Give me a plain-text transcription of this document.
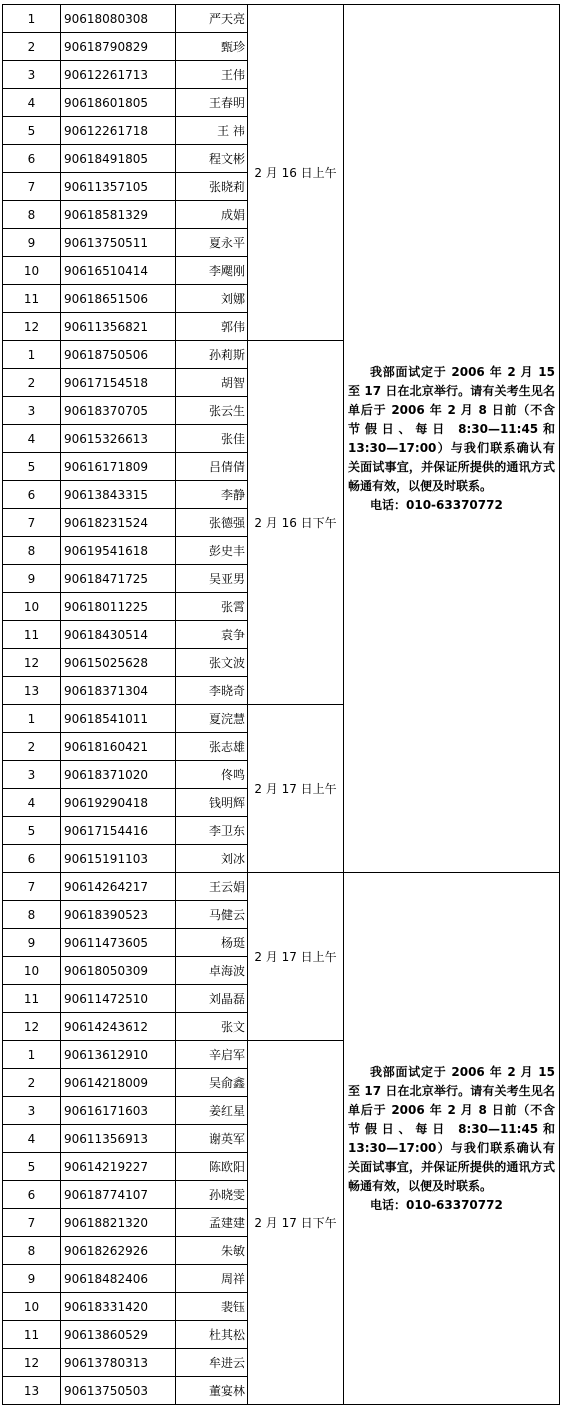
1	90618080308	严天亮	2 月 16 日上午	我部面试定于 2006 年 2 月 15 至 17 日在北京举行。请有关考生见名单后于 2006 年 2 月 8 日前（不含节假日、每日 8:30—11:45和 13:30—17:00）与我们联系确认有关面试事宜，并保证所提供的通讯方式畅通有效，以便及时联系。

电话：010-63370772

2	90618790829	甄珍		
3	90612261713	王伟		
4	90618601805	王春明		
5	90612261718	王 祎		
6	90618491805	程文彬		
7	90611357105	张晓莉		
8	90618581329	成娟		
9	90613750511	夏永平		
10	90616510414	李飔刚		
11	90618651506	刘娜		
12	90611356821	郭伟		
1	90618750506	孙莉斯	2 月 16 日下午	
2	90617154518	胡智		
3	90618370705	张云生		
4	90615326613	张佳		
5	90616171809	吕倩倩		
6	90613843315	李静		
7	90618231524	张德强		
8	90619541618	彭史丰		
9	90618471725	吴亚男		
10	90618011225	张霄		
11	90618430514	袁争		
12	90615025628	张文波		
13	90618371304	李晓奇		
1	90618541011	夏浣慧	2 月 17 日上午	
2	90618160421	张志雄		
3	90618371020	佟鸣		
4	90619290418	钱明辉		
5	90617154416	李卫东		
6	90615191103	刘冰		
7	90614264217	王云娟	2 月 17 日上午	我部面试定于 2006 年 2 月 15 至 17 日在北京举行。请有关考生见名单后于 2006 年 2 月 8 日前（不含节假日、每日 8:30—11:45和 13:30—17:00）与我们联系确认有关面试事宜，并保证所提供的通讯方式畅通有效，以便及时联系。

电话：010-63370772

8	90618390523	马健云		
9	90611473605	杨珽		
10	90618050309	卓海波		
11	90611472510	刘晶磊		
12	90614243612	张文		
1	90613612910	辛启军	2 月 17 日下午	
2	90614218009	吴俞鑫		
3	90616171603	姜红星		
4	90611356913	谢英军		
5	90614219227	陈欧阳		
6	90618774107	孙晓雯		
7	90618821320	孟建建		
8	90618262926	朱敏		
9	90618482406	周祥		
10	90618331420	裴钰		
11	90613860529	杜其松		
12	90613780313	牟进云		
13	90613750503	董宴林		
